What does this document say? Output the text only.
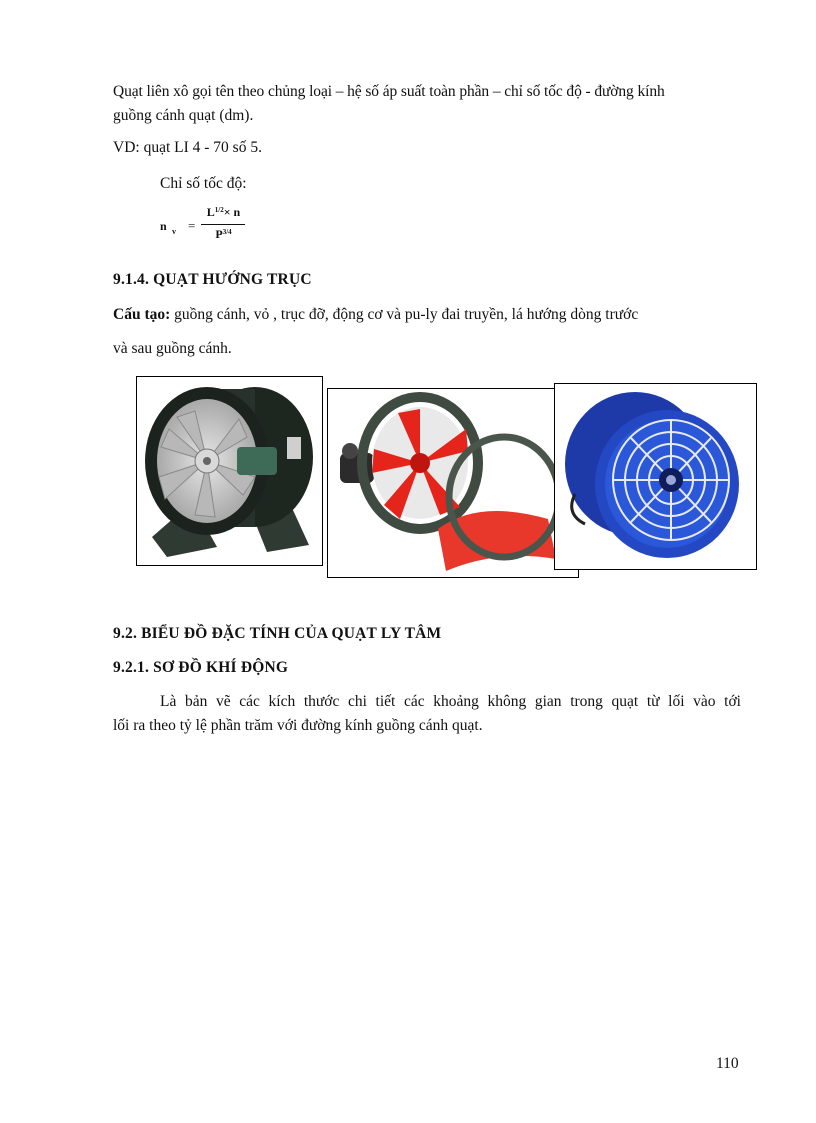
Quạt liên xô gọi tên theo chủng loại – hệ số áp suất toàn phần – chỉ số tốc độ - đường kính
guồng cánh quạt (dm).
VD: quạt LI 4 - 70 số 5.
Chỉ số tốc độ:
n v =
$L^{1/2}\times n$
$P^{3/4}$
9.1.4. QUẠT HƯỚNG TRỤC
Cấu tạo: guồng cánh, vỏ , trục đỡ, động cơ và pu-ly đai truyền, lá hướng dòng trước
và sau guồng cánh.
9.2. BIỂU ĐỒ ĐẶC TÍNH CỦA QUẠT LY TÂM
9.2.1. SƠ ĐỒ KHÍ ĐỘNG
Là bản vẽ các kích thước chi tiết các khoảng không gian trong quạt từ lối vào tới
lối ra theo tỷ lệ phần trăm với đường kính guồng cánh quạt.
110
